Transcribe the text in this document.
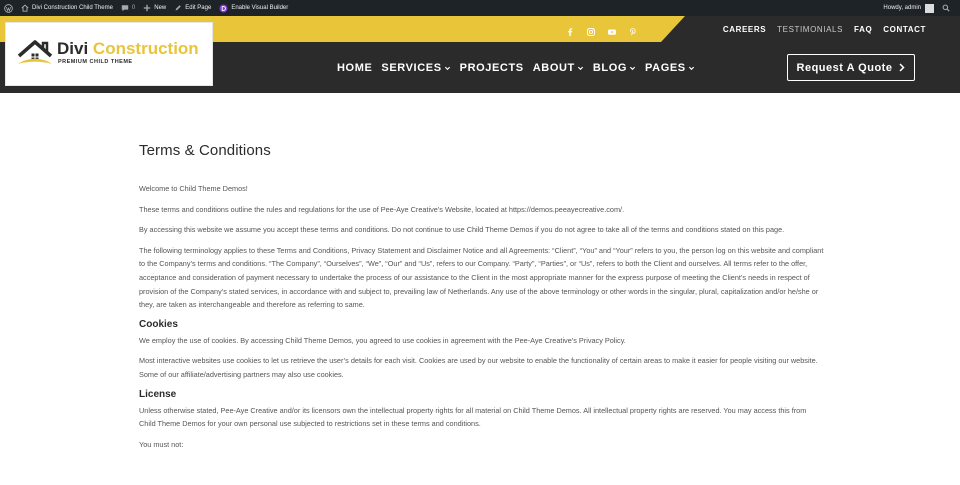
Divi Construction Child Theme	0	New	Edit Page	Enable Visual Builder	Howdy, admin
CAREERS TESTIMONIALS FAQ CONTACT
HOME SERVICES PROJECTS ABOUT BLOG PAGES	Request A Quote
Divi Construction
PREMIUM CHILD THEME
Terms & Conditions

Welcome to Child Theme Demos!

These terms and conditions outline the rules and regulations for the use of Pee-Aye Creative’s Website, located at https://demos.peeayecreative.com/.

By accessing this website we assume you accept these terms and conditions. Do not continue to use Child Theme Demos if you do not agree to take all of the terms and conditions stated on this page.

The following terminology applies to these Terms and Conditions, Privacy Statement and Disclaimer Notice and all Agreements: “Client”, “You” and “Your” refers to you, the person log on this website and compliant to the Company’s terms and conditions. “The Company”, “Ourselves”, “We”, “Our” and “Us”, refers to our Company. “Party”, “Parties”, or “Us”, refers to both the Client and ourselves. All terms refer to the offer, acceptance and consideration of payment necessary to undertake the process of our assistance to the Client in the most appropriate manner for the express purpose of meeting the Client’s needs in respect of provision of the Company’s stated services, in accordance with and subject to, prevailing law of Netherlands. Any use of the above terminology or other words in the singular, plural, capitalization and/or he/she or they, are taken as interchangeable and therefore as referring to same.

Cookies

We employ the use of cookies. By accessing Child Theme Demos, you agreed to use cookies in agreement with the Pee-Aye Creative’s Privacy Policy.

Most interactive websites use cookies to let us retrieve the user’s details for each visit. Cookies are used by our website to enable the functionality of certain areas to make it easier for people visiting our website. Some of our affiliate/advertising partners may also use cookies.

License

Unless otherwise stated, Pee-Aye Creative and/or its licensors own the intellectual property rights for all material on Child Theme Demos. All intellectual property rights are reserved. You may access this from Child Theme Demos for your own personal use subjected to restrictions set in these terms and conditions.

You must not:
